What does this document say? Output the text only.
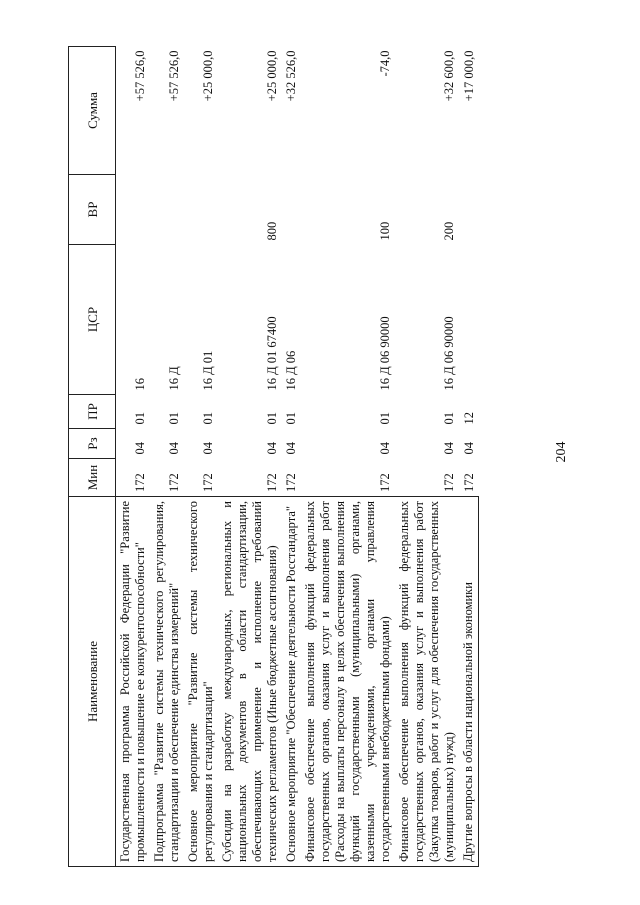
204
Наименование	Мин	Рз	ПР	ЦСР	ВР	Сумма
Государственная программа Российской Федерации "Развитие промышленности и повышение ее конкурентоспособности"	172	04	01	16		+57 526,0
Подпрограмма "Развитие системы технического регулирования, стандартизации и обеспечение единства измерений"	172	04	01	16 Д		+57 526,0
Основное мероприятие "Развитие системы технического регулирования и стандартизации"	172	04	01	16 Д 01		+25 000,0
Субсидии на разработку международных, региональных и национальных документов в области стандартизации, обеспечивающих применение и исполнение требований технических регламентов (Иные бюджетные ассигнования)	172	04	01	16 Д 01 67400	800	+25 000,0
Основное мероприятие "Обеспечение деятельности Росстандарта"	172	04	01	16 Д 06		+32 526,0
Финансовое обеспечение выполнения функций федеральных государственных органов, оказания услуг и выполнения работ (Расходы на выплаты персоналу в целях обеспечения выполнения функций государственными (муниципальными) органами, казенными учреждениями, органами управления государственными внебюджетными фондами)	172	04	01	16 Д 06 90000	100	-74,0
Финансовое обеспечение выполнения функций федеральных государственных органов, оказания услуг и выполнения работ (Закупка товаров, работ и услуг для обеспечения государственных (муниципальных) нужд)	172	04	01	16 Д 06 90000	200	+32 600,0
Другие вопросы в области национальной экономики	172	04	12			+17 000,0
